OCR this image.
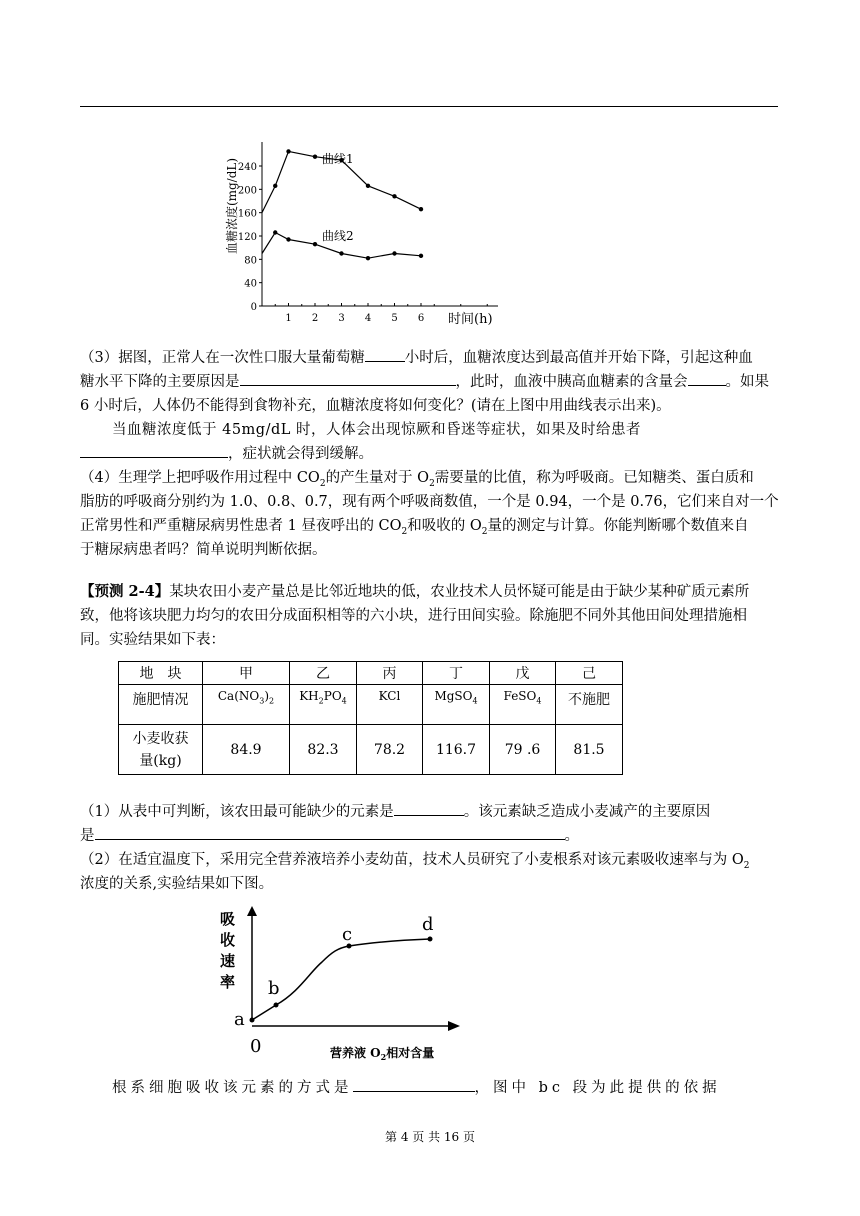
0
40
80
120
160
200
240
1 2 3 4 5 6
血糖浓度(mg/dL)
时间(h)
曲线1
曲线2

（3）据图，正常人在一次性口服大量葡萄糖	小时后，血糖浓度达到最高值并开始下降，引起这种血

糖水平下降的主要原因是	，此时，血液中胰高血糖素的含量会	。如果

6 小时后，人体仍不能得到食物补充，血糖浓度将如何变化？(请在上图中用曲线表示出来)。

当血糖浓度低于 45mg/dL 时，人体会出现惊厥和昏迷等症状，如果及时给患者

，症状就会得到缓解。

（4）生理学上把呼吸作用过程中 $CO_2$的产生量对于 $O_2$需要量的比值，称为呼吸商。已知糖类、蛋白质和

脂肪的呼吸商分别约为 1.0、0.8、0.7，现有两个呼吸商数值，一个是 0.94，一个是 0.76，它们来自对一个

正常男性和严重糖尿病男性患者 1 昼夜呼出的 $CO_2$和吸收的 $O_2$量的测定与计算。你能判断哪个数值来自

于糖尿病患者吗？简单说明判断依据。

【预测 2-4】某块农田小麦产量总是比邻近地块的低，农业技术人员怀疑可能是由于缺少某种矿质元素所

致，他将该块肥力均匀的农田分成面积相等的六小块，进行田间实验。除施肥不同外其他田间处理措施相

同。实验结果如下表：

地　块	甲	乙	丙	丁	戊	己
施肥情况	$Ca(NO_3)_2$	$KH_2PO_4$	KCl	MgSO$_4$	FeSO$_4$	不施肥
小麦收获
量(kg)	84.9	82.3	78.2	116.7	79 .6	81.5

（1）从表中可判断，该农田最可能缺少的元素是	。该元素缺乏造成小麦减产的主要原因

是	。

（2）在适宜温度下，采用完全营养液培养小麦幼苗，技术人员研究了小麦根系对该元素吸收速率与为 $O_2$

浓度的关系,实验结果如下图。

a
b
c	d
吸
收
速
率
0	营养液 $O_2$相对含量

根系细胞吸收该元素的方式是	，图中 bc 段为此提供的依据

第 4 页 共 16 页
